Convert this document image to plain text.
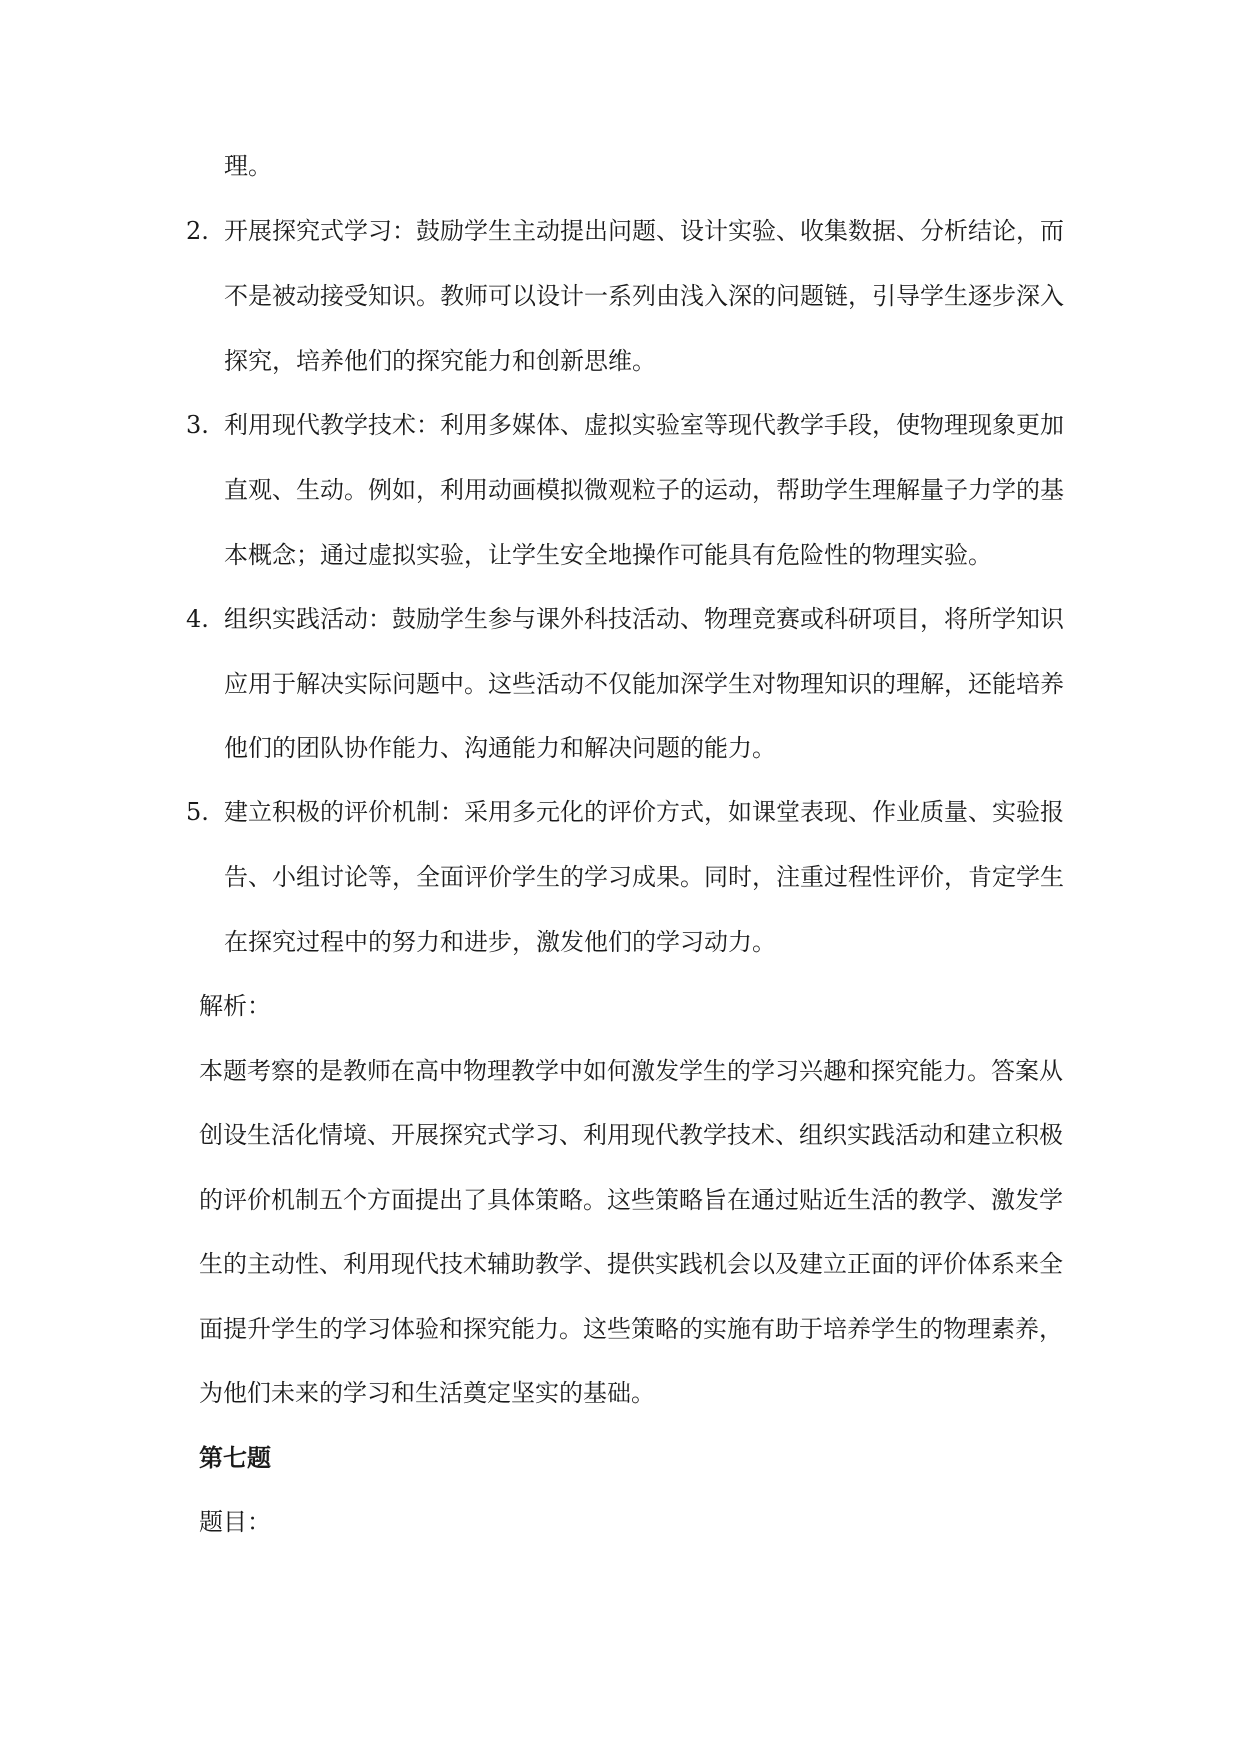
理。
2. 开展探究式学习：鼓励学生主动提出问题、设计实验、收集数据、分析结论，而
不是被动接受知识。教师可以设计一系列由浅入深的问题链，引导学生逐步深入
探究，培养他们的探究能力和创新思维。
3. 利用现代教学技术：利用多媒体、虚拟实验室等现代教学手段，使物理现象更加
直观、生动。例如，利用动画模拟微观粒子的运动，帮助学生理解量子力学的基
本概念；通过虚拟实验，让学生安全地操作可能具有危险性的物理实验。
4. 组织实践活动：鼓励学生参与课外科技活动、物理竞赛或科研项目，将所学知识
应用于解决实际问题中。这些活动不仅能加深学生对物理知识的理解，还能培养
他们的团队协作能力、沟通能力和解决问题的能力。
5. 建立积极的评价机制：采用多元化的评价方式，如课堂表现、作业质量、实验报
告、小组讨论等，全面评价学生的学习成果。同时，注重过程性评价，肯定学生
在探究过程中的努力和进步，激发他们的学习动力。
解析：
本题考察的是教师在高中物理教学中如何激发学生的学习兴趣和探究能力。答案从
创设生活化情境、开展探究式学习、利用现代教学技术、组织实践活动和建立积极
的评价机制五个方面提出了具体策略。这些策略旨在通过贴近生活的教学、激发学
生的主动性、利用现代技术辅助教学、提供实践机会以及建立正面的评价体系来全
面提升学生的学习体验和探究能力。这些策略的实施有助于培养学生的物理素养，
为他们未来的学习和生活奠定坚实的基础。
第七题
题目：
